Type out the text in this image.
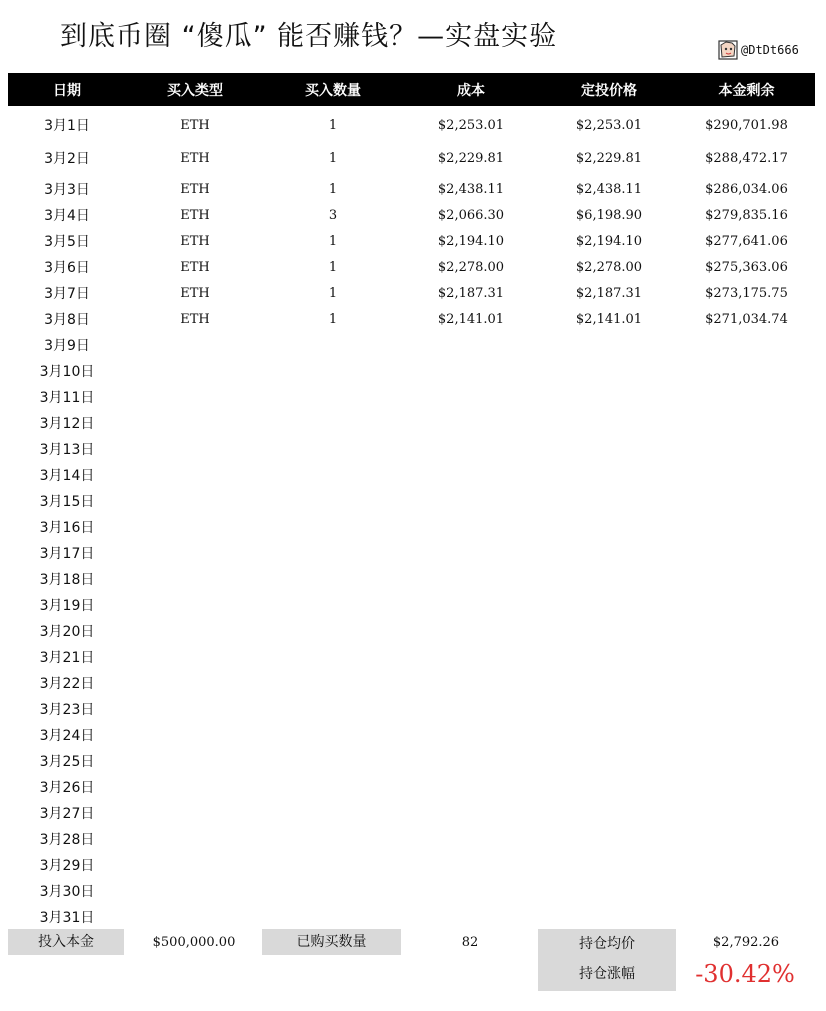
到底币圈 “傻瓜” 能否赚钱？—实盘实验	@DtDt666
日期	买入类型	买入数量	成本	定投价格	本金剩余
3月1日	ETH	1	$2,253.01	$2,253.01	$290,701.98
3月2日	ETH	1	$2,229.81	$2,229.81	$288,472.17
3月3日	ETH	1	$2,438.11	$2,438.11	$286,034.06
3月4日	ETH	3	$2,066.30	$6,198.90	$279,835.16
3月5日	ETH	1	$2,194.10	$2,194.10	$277,641.06
3月6日	ETH	1	$2,278.00	$2,278.00	$275,363.06
3月7日	ETH	1	$2,187.31	$2,187.31	$273,175.75
3月8日	ETH	1	$2,141.01	$2,141.01	$271,034.74
3月9日
3月10日
3月11日
3月12日
3月13日
3月14日
3月15日
3月16日
3月17日
3月18日
3月19日
3月20日
3月21日
3月22日
3月23日
3月24日
3月25日
3月26日
3月27日
3月28日
3月29日
3月30日
3月31日
投入本金	$500,000.00	已购买数量	82	持仓均价	$2,792.26
持仓涨幅	-30.42%
